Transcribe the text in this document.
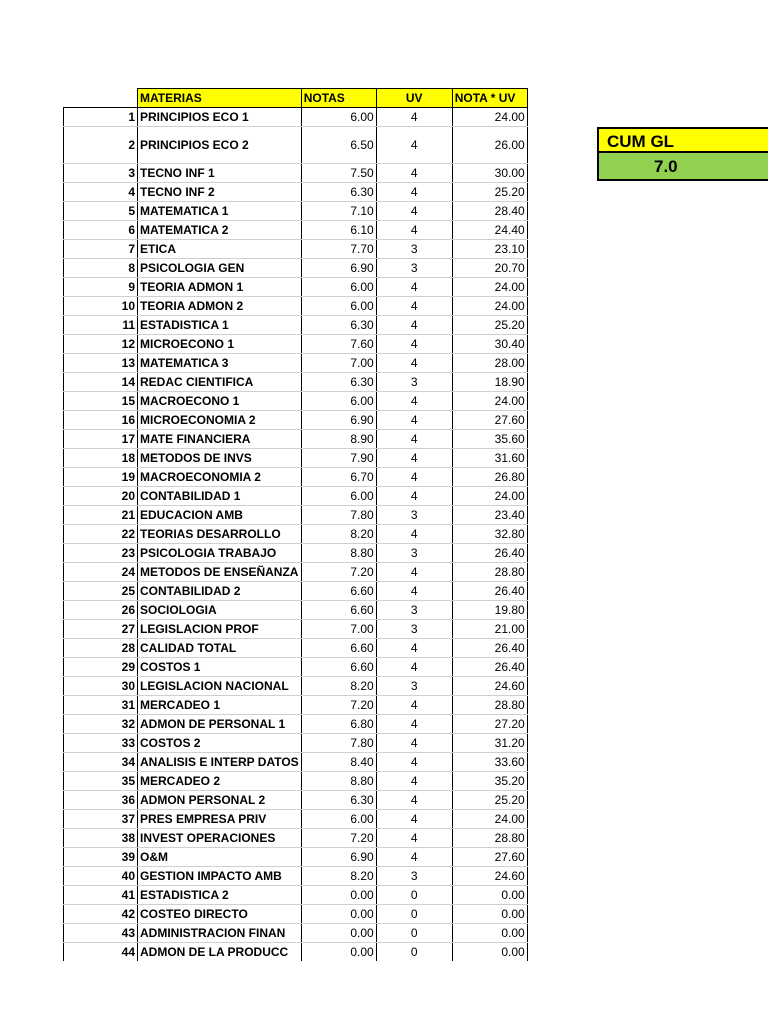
	MATERIAS	NOTAS	UV	NOTA * UV
1	PRINCIPIOS ECO 1	6.00	4	24.00
2	PRINCIPIOS ECO 2	6.50	4	26.00
3	TECNO INF 1	7.50	4	30.00
4	TECNO INF 2	6.30	4	25.20
5	MATEMATICA 1	7.10	4	28.40
6	MATEMATICA 2	6.10	4	24.40
7	ETICA	7.70	3	23.10
8	PSICOLOGIA GEN	6.90	3	20.70
9	TEORIA ADMON 1	6.00	4	24.00
10	TEORIA ADMON 2	6.00	4	24.00
11	ESTADISTICA 1	6.30	4	25.20
12	MICROECONO 1	7.60	4	30.40
13	MATEMATICA 3	7.00	4	28.00
14	REDAC CIENTIFICA	6.30	3	18.90
15	MACROECONO 1	6.00	4	24.00
16	MICROECONOMIA 2	6.90	4	27.60
17	MATE FINANCIERA	8.90	4	35.60
18	METODOS DE INVS	7.90	4	31.60
19	MACROECONOMIA 2	6.70	4	26.80
20	CONTABILIDAD 1	6.00	4	24.00
21	EDUCACION AMB	7.80	3	23.40
22	TEORIAS DESARROLLO	8.20	4	32.80
23	PSICOLOGIA TRABAJO	8.80	3	26.40
24	METODOS DE ENSEÑANZA	7.20	4	28.80
25	CONTABILIDAD 2	6.60	4	26.40
26	SOCIOLOGIA	6.60	3	19.80
27	LEGISLACION PROF	7.00	3	21.00
28	CALIDAD TOTAL	6.60	4	26.40
29	COSTOS 1	6.60	4	26.40
30	LEGISLACION NACIONAL	8.20	3	24.60
31	MERCADEO 1	7.20	4	28.80
32	ADMON DE PERSONAL 1	6.80	4	27.20
33	COSTOS 2	7.80	4	31.20
34	ANALISIS E INTERP DATOS	8.40	4	33.60
35	MERCADEO 2	8.80	4	35.20
36	ADMON PERSONAL 2	6.30	4	25.20
37	PRES EMPRESA PRIV	6.00	4	24.00
38	INVEST OPERACIONES	7.20	4	28.80
39	O&M	6.90	4	27.60
40	GESTION IMPACTO AMB	8.20	3	24.60
41	ESTADISTICA 2	0.00	0	0.00
42	COSTEO DIRECTO	0.00	0	0.00
43	ADMINISTRACION FINAN	0.00	0	0.00
44	ADMON DE LA PRODUCC	0.00	0	0.00
CUM GL
7.0
